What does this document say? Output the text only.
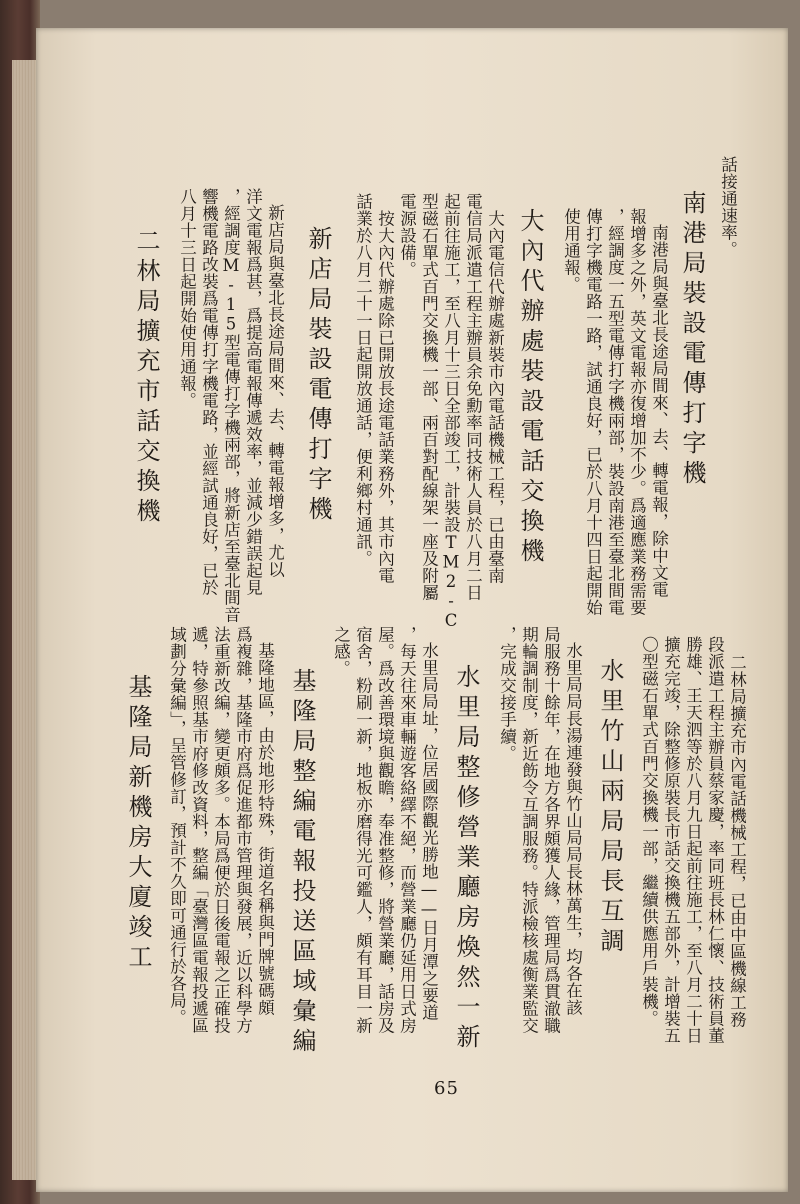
話接通速率。
南港局裝設電傳打字機
南港局與臺北長途局間來、去、轉電報，除中文電
報增多之外，英文電報亦復增加不少。爲適應業務需要
，經調度一五型電傳打字機兩部，裝設南港至臺北間電
傳打字機電路一路，試通良好，已於八月十四日起開始
使用通報。
大內代辦處裝設電話交換機
大內電信代辦處新裝市內電話機械工程，已由臺南
電信局派遣工程主辦員余免勳率同技術人員於八月二日
起前往施工，至八月十三日全部竣工，計裝設TM2-C
型磁石單式百門交換機一部、兩百對配線架一座及附屬
電源設備。
按大內代辦處除已開放長途電話業務外，其市內電
話業於八月二十一日起開放通話，便利鄉村通訊。
新店局裝設電傳打字機
新店局與臺北長途局間來、去、轉電報增多，尤以
洋文電報爲甚，爲提高電報傳遞效率，並減少錯誤起見
，經調度M-15型電傳打字機兩部，將新店至臺北間音
響機電路改裝爲電傳打字機電路，並經試通良好，已於
八月十三日起開始使用通報。
二林局擴充市話交換機
二林局擴充市內電話機械工程，已由中區機線工務
段派遣工程主辦員蔡家慶，率同班長林仁懷、技術員董
勝雄、王天泗等於八月九日起前往施工，至八月二十日
擴充完竣，除整修原裝長市話交換機五部外，計增裝五
〇型磁石單式百門交換機一部，繼續供應用戶裝機。
水里竹山兩局局長互調
水里局局長湯連發與竹山局局長林萬生，均各在該
局服務十餘年，在地方各界頗獲人緣，管理局爲貫澈職
期輪調制度，新近飭令互調服務。特派檢核處衡業監交
，完成交接手續。
水里局整修營業廳房煥然一新
水里局局址，位居國際觀光勝地——日月潭之要道
，每天往來車輛遊客絡繹不絕，而營業廳仍延用日式房
屋。爲改善環境與觀瞻，奉准整修，將營業廳，話房及
宿舍，粉刷一新，地板亦磨得光可鑑人，頗有耳目一新
之感。
基隆局整編電報投送區域彙編
基隆地區，由於地形特殊，街道名稱與門牌號碼頗
爲複雜，基隆市府爲促進都市管理與發展，近以科學方
法重新改編，變更頗多。本局爲便於日後電報之正確投
遞，特參照基市府修改資料，整編「臺灣區電報投遞區
域劃分彙編」，呈管修訂，預計不久即可通行於各局。
基隆局新機房大廈竣工
65
